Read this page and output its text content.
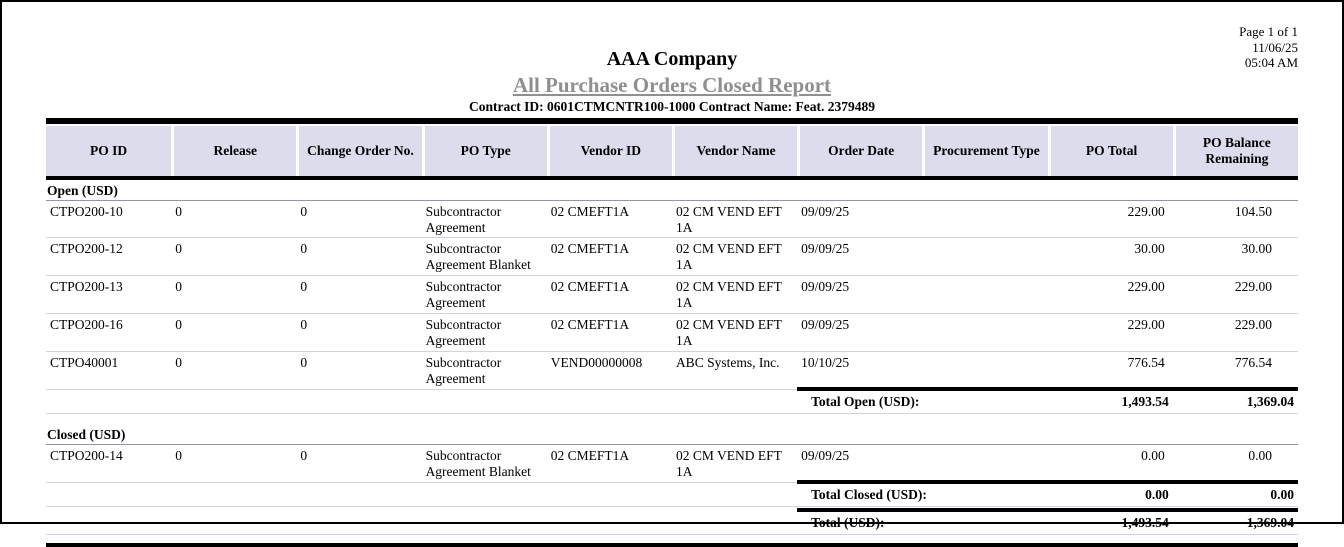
AAA Company
All Purchase Orders Closed Report
Contract ID: 0601CTMCNTR100-1000 Contract Name: Feat. 2379489
Page 1 of 1
11/06/25
05:04 AM
PO ID	Release	Change Order No.	PO Type	Vendor ID	Vendor Name	Order Date	Procurement Type	PO Total	PO Balance Remaining

Open (USD)									
CTPO200-10	0	0	Subcontractor Agreement	02 CMEFT1A	02 CM VEND EFT 1A	09/09/25		229.00	104.50
CTPO200-12	0	0	Subcontractor Agreement Blanket	02 CMEFT1A	02 CM VEND EFT 1A	09/09/25		30.00	30.00
CTPO200-13	0	0	Subcontractor Agreement	02 CMEFT1A	02 CM VEND EFT 1A	09/09/25		229.00	229.00
CTPO200-16	0	0	Subcontractor Agreement	02 CMEFT1A	02 CM VEND EFT 1A	09/09/25		229.00	229.00
CTPO40001	0	0	Subcontractor Agreement	VEND00000008	ABC Systems, Inc.	10/10/25		776.54	776.54
						Total Open (USD):		1,493.54	1,369.04

Closed (USD)									
CTPO200-14	0	0	Subcontractor Agreement Blanket	02 CMEFT1A	02 CM VEND EFT 1A	09/09/25		0.00	0.00
						Total Closed (USD):		0.00	0.00

						Total (USD):		1,493.54	1,369.04
